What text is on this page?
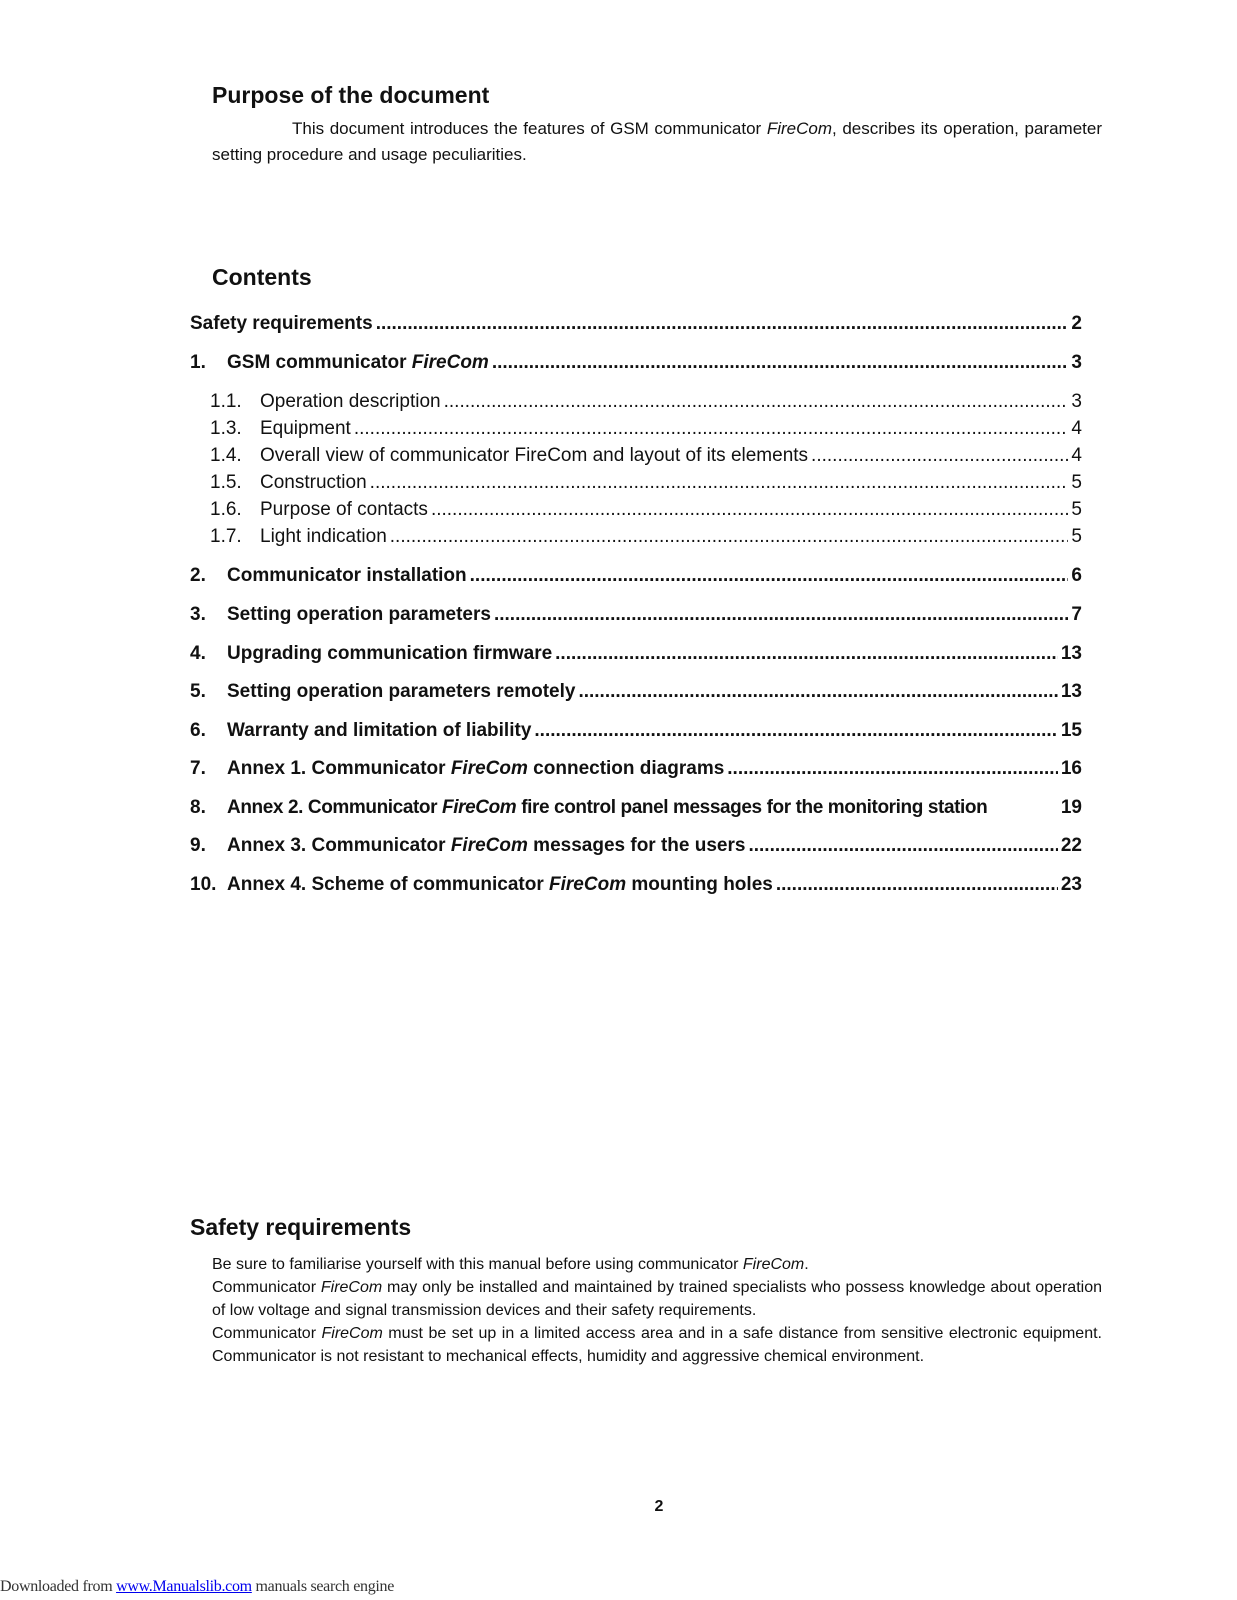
Purpose of the document
This document introduces the features of GSM communicator FireCom, describes its operation, parameter setting procedure and usage peculiarities.
Contents
Safety requirements .....	2
1.	GSM communicator FireCom .....	3
1.1. Operation description .....	3
1.3. Equipment .....	4
1.4. Overall view of communicator FireCom and layout of its elements .....	4
1.5. Construction .....	5
1.6. Purpose of contacts .....	5
1.7. Light indication .....	5
2.	Communicator installation .....	6
3.	Setting operation parameters .....	7
4.	Upgrading communication firmware .....	13
5.	Setting operation parameters remotely .....	13
6.	Warranty and limitation of liability .....	15
7.	Annex 1. Communicator FireCom connection diagrams .....	16
8.	Annex 2. Communicator FireCom fire control panel messages for the monitoring station	19
9.	Annex 3. Communicator FireCom messages for the users .....	22
10. Annex 4. Scheme of communicator FireCom mounting holes .....	23
Safety requirements
Be sure to familiarise yourself with this manual before using communicator FireCom.
Communicator FireCom may only be installed and maintained by trained specialists who possess knowledge about operation of low voltage and signal transmission devices and their safety requirements.
Communicator FireCom must be set up in a limited access area and in a safe distance from sensitive electronic equipment. Communicator is not resistant to mechanical effects, humidity and aggressive chemical environment.
2
Downloaded from www.Manualslib.com manuals search engine
